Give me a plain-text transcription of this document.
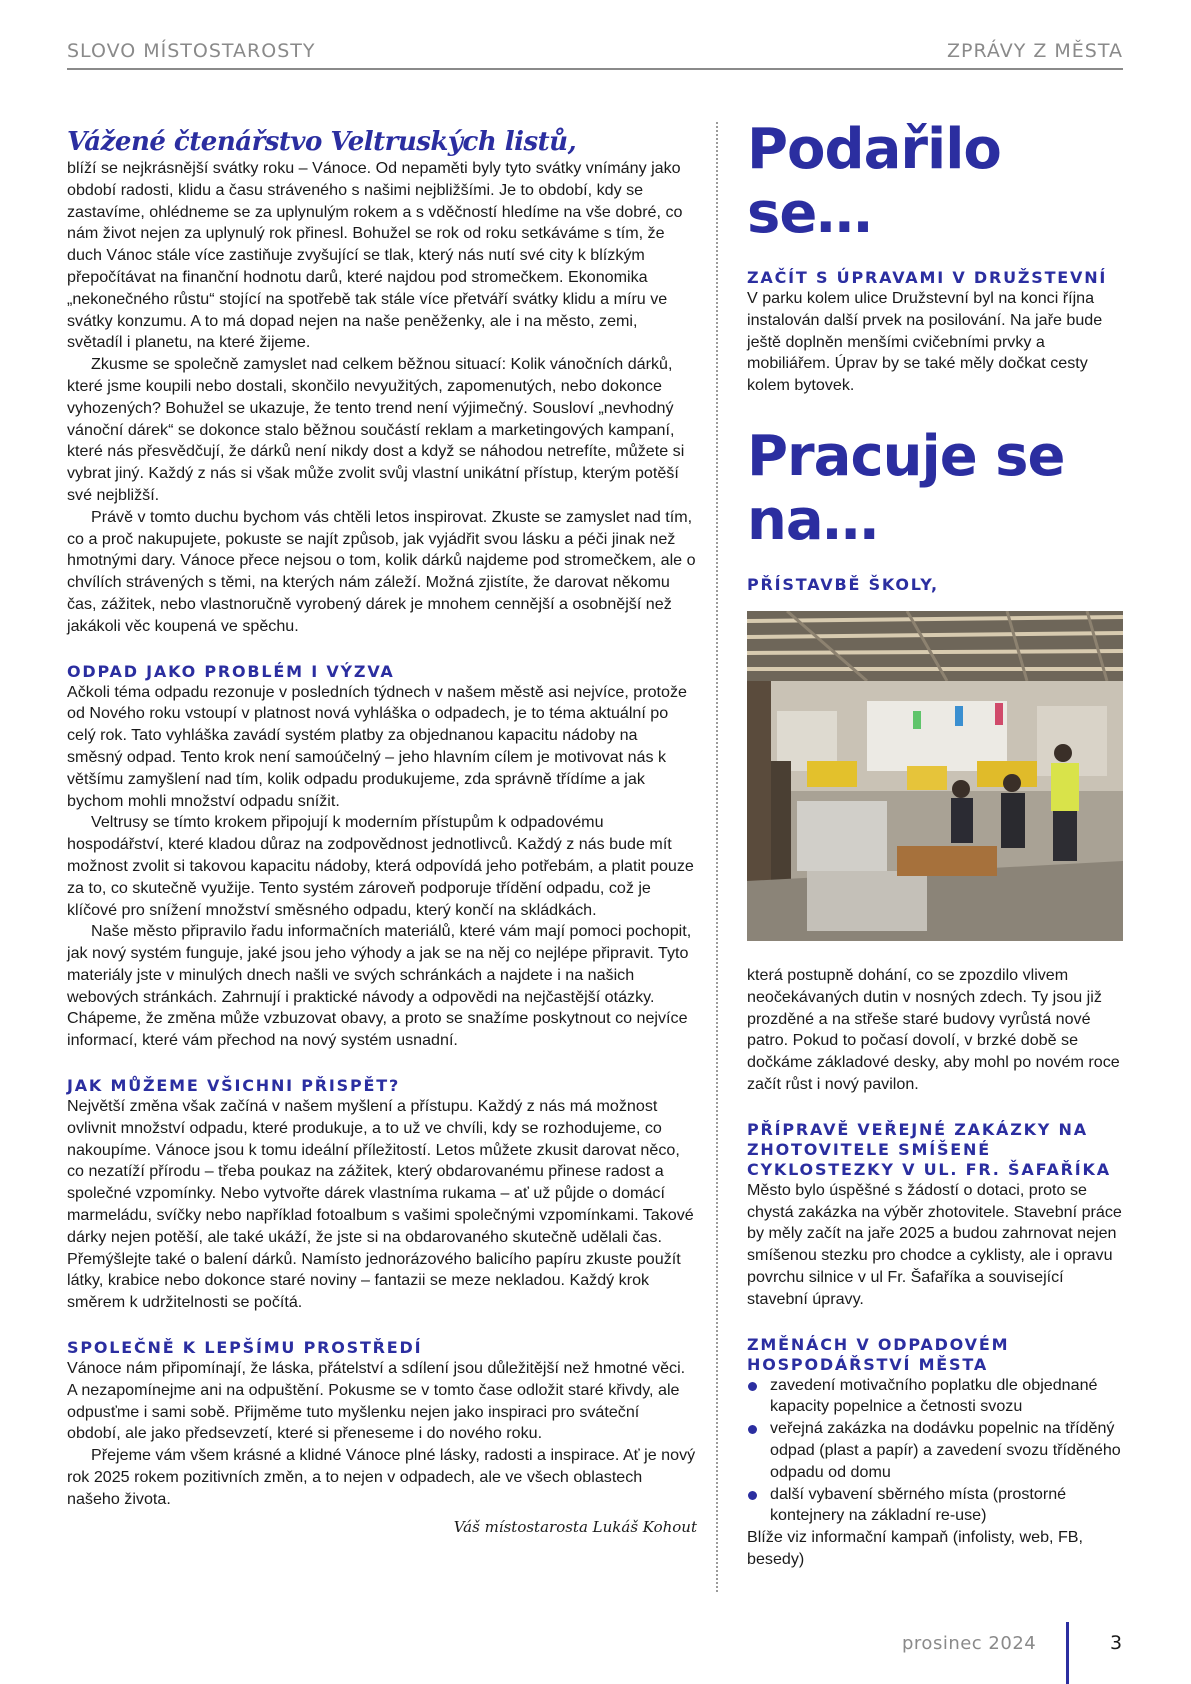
SLOVO MÍSTOSTAROSTY	ZPRÁVY Z MĚSTA
Vážené čtenářstvo Veltruských listů,

blíží se nejkrásnější svátky roku – Vánoce. Od nepaměti byly tyto svátky vnímány jako období radosti, klidu a času stráveného s našimi nejbližšími. Je to období, kdy se zastavíme, ohlédneme se za uplynulým rokem a s vděčností hledíme na vše dobré, co nám život nejen za uplynulý rok přinesl. Bohužel se rok od roku setkáváme s tím, že duch Vánoc stále více zastiňuje zvyšující se tlak, který nás nutí své city k blízkým přepočítávat na finanční hodnotu darů, které najdou pod stromečkem. Ekonomika „nekonečného růstu“ stojící na spotřebě tak stále více přetváří svátky klidu a míru ve svátky konzumu. A to má dopad nejen na naše peněženky, ale i na město, zemi, světadíl i planetu, na které žijeme.

Zkusme se společně zamyslet nad celkem běžnou situací: Kolik vánočních dárků, které jsme koupili nebo dostali, skončilo nevyužitých, zapomenutých, nebo dokonce vyhozených? Bohužel se ukazuje, že tento trend není výjimečný. Sousloví „nevhodný vánoční dárek“ se dokonce stalo běžnou součástí reklam a marketingových kampaní, které nás přesvědčují, že dárků není nikdy dost a když se náhodou netrefíte, můžete si vybrat jiný. Každý z nás si však může zvolit svůj vlastní unikátní přístup, kterým potěší své nejbližší.

Právě v tomto duchu bychom vás chtěli letos inspirovat. Zkuste se zamyslet nad tím, co a proč nakupujete, pokuste se najít způsob, jak vyjádřit svou lásku a péči jinak než hmotnými dary. Vánoce přece nejsou o tom, kolik dárků najdeme pod stromečkem, ale o chvílích strávených s těmi, na kterých nám záleží. Možná zjistíte, že darovat někomu čas, zážitek, nebo vlastnoručně vyrobený dárek je mnohem cennější a osobnější než jakákoli věc koupená ve spěchu.

ODPAD JAKO PROBLÉM I VÝZVA

Ačkoli téma odpadu rezonuje v posledních týdnech v našem městě asi nejvíce, protože od Nového roku vstoupí v platnost nová vyhláška o odpadech, je to téma aktuální po celý rok. Tato vyhláška zavádí systém platby za objednanou kapacitu nádoby na směsný odpad. Tento krok není samoúčelný – jeho hlavním cílem je motivovat nás k většímu zamyšlení nad tím, kolik odpadu produkujeme, zda správně třídíme a jak bychom mohli množství odpadu snížit.

Veltrusy se tímto krokem připojují k moderním přístupům k odpadovému hospodářství, které kladou důraz na zodpovědnost jednotlivců. Každý z nás bude mít možnost zvolit si takovou kapacitu nádoby, která odpovídá jeho potřebám, a platit pouze za to, co skutečně využije. Tento systém zároveň podporuje třídění odpadu, což je klíčové pro snížení množství směsného odpadu, který končí na skládkách.

Naše město připravilo řadu informačních materiálů, které vám mají pomoci pochopit, jak nový systém funguje, jaké jsou jeho výhody a jak se na něj co nejlépe připravit. Tyto materiály jste v minulých dnech našli ve svých schránkách a najdete i na našich webových stránkách. Zahrnují i praktické návody a odpovědi na nejčastější otázky. Chápeme, že změna může vzbuzovat obavy, a proto se snažíme poskytnout co nejvíce informací, které vám přechod na nový systém usnadní.

JAK MŮŽEME VŠICHNI PŘISPĚT?

Největší změna však začíná v našem myšlení a přístupu. Každý z nás má možnost ovlivnit množství odpadu, které produkuje, a to už ve chvíli, kdy se rozhodujeme, co nakoupíme. Vánoce jsou k tomu ideální příležitostí. Letos můžete zkusit darovat něco, co nezatíží přírodu – třeba poukaz na zážitek, který obdarovanému přinese radost a společné vzpomínky. Nebo vytvořte dárek vlastníma rukama – ať už půjde o domácí marmeládu, svíčky nebo například fotoalbum s vašimi společnými vzpomínkami. Takové dárky nejen potěší, ale také ukáží, že jste si na obdarovaného skutečně udělali čas. Přemýšlejte také o balení dárků. Namísto jednorázového balicího papíru zkuste použít látky, krabice nebo dokonce staré noviny – fantazii se meze nekladou. Každý krok směrem k udržitelnosti se počítá.

SPOLEČNĚ K LEPŠÍMU PROSTŘEDÍ

Vánoce nám připomínají, že láska, přátelství a sdílení jsou důležitější než hmotné věci. A nezapomínejme ani na odpuštění. Pokusme se v tomto čase odložit staré křivdy, ale odpusťme i sami sobě. Přijměme tuto myšlenku nejen jako inspiraci pro sváteční období, ale jako předsevzetí, které si přeneseme i do nového roku.

Přejeme vám všem krásné a klidné Vánoce plné lásky, radosti a inspirace. Ať je nový rok 2025 rokem pozitivních změn, a to nejen v odpadech, ale ve všech oblastech našeho života.

Váš místostarosta Lukáš Kohout

Podařilo se…
ZAČÍT S ÚPRAVAMI V DRUŽSTEVNÍ

V parku kolem ulice Družstevní byl na konci října instalován další prvek na posilování. Na jaře bude ještě doplněn menšími cvičebními prvky a mobiliářem. Úprav by se také měly dočkat cesty kolem bytovek.

Pracuje se na…
PŘÍSTAVBĚ ŠKOLY,

která postupně dohání, co se zpozdilo vlivem neočekávaných dutin v nosných zdech. Ty jsou již prozděné a na střeše staré budovy vyrůstá nové patro. Pokud to počasí dovolí, v brzké době se dočkáme základové desky, aby mohl po novém roce začít růst i nový pavilon.

PŘÍPRAVĚ VEŘEJNÉ ZAKÁZKY NA ZHOTOVITELE SMÍŠENÉ CYKLOSTEZKY V UL. FR. ŠAFAŘÍKA

Město bylo úspěšné s žádostí o dotaci, proto se chystá zakázka na výběr zhotovitele. Stavební práce by měly začít na jaře 2025 a budou zahrnovat nejen smíšenou stezku pro chodce a cyklisty, ale i opravu povrchu silnice v ul Fr. Šafaříka a související stavební úpravy.

ZMĚNÁCH V ODPADOVÉM HOSPODÁŘSTVÍ MĚSTA
zavedení motivačního poplatku dle objednané kapacity popelnice a četnosti svozu
veřejná zakázka na dodávku popelnic na tříděný odpad (plast a papír) a zavedení svozu tříděného odpadu od domu
další vybavení sběrného místa (prostorné kontejnery na základní re-use)

Blíže viz informační kampaň (infolisty, web, FB, besedy)

prosinec 2024	3
